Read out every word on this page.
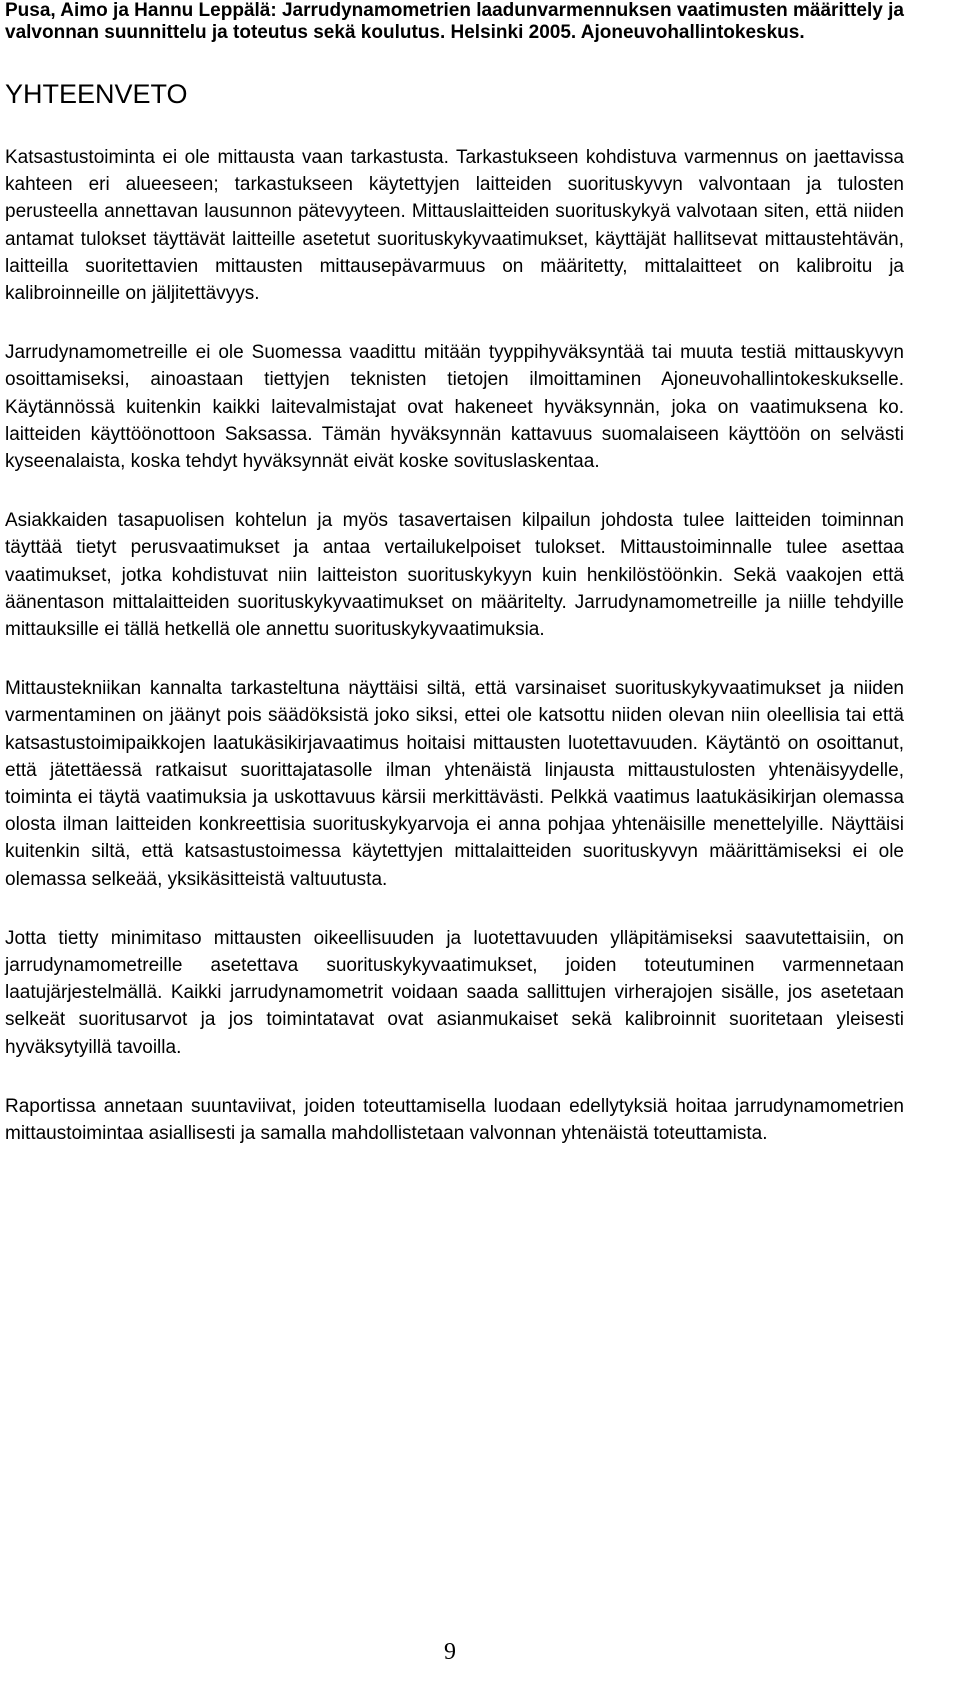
Pusa, Aimo ja Hannu Leppälä: Jarrudynamometrien laadunvarmennuksen vaatimusten määrittely ja valvonnan suunnittelu ja toteutus sekä koulutus. Helsinki 2005. Ajoneuvohallintokeskus.

YHTEENVETO

Katsastustoiminta ei ole mittausta vaan tarkastusta. Tarkastukseen kohdistuva varmennus on jaettavissa kahteen eri alueeseen; tarkastukseen käytettyjen laitteiden suorituskyvyn valvontaan ja tulosten perusteella annettavan lausunnon pätevyyteen. Mittauslaitteiden suorituskykyä valvotaan siten, että niiden antamat tulokset täyttävät laitteille asetetut suorituskykyvaatimukset, käyttäjät hallitsevat mittaustehtävän, laitteilla suoritettavien mittausten mittausepävarmuus on määritetty, mittalaitteet on kalibroitu ja kalibroinneille on jäljitettävyys.

Jarrudynamometreille ei ole Suomessa vaadittu mitään tyyppihyväksyntää tai muuta testiä mittauskyvyn osoittamiseksi, ainoastaan tiettyjen teknisten tietojen ilmoittaminen Ajoneuvohallintokeskukselle. Käytännössä kuitenkin kaikki laitevalmistajat ovat hakeneet hyväksynnän, joka on vaatimuksena ko. laitteiden käyttöönottoon Saksassa. Tämän hyväksynnän kattavuus suomalaiseen käyttöön on selvästi kyseenalaista, koska tehdyt hyväksynnät eivät koske sovituslaskentaa.

Asiakkaiden tasapuolisen kohtelun ja myös tasavertaisen kilpailun johdosta tulee laitteiden toiminnan täyttää tietyt perusvaatimukset ja antaa vertailukelpoiset tulokset. Mittaustoiminnalle tulee asettaa vaatimukset, jotka kohdistuvat niin laitteiston suorituskykyyn kuin henkilöstöönkin. Sekä vaakojen että äänentason mittalaitteiden suorituskykyvaatimukset on määritelty. Jarrudynamometreille ja niille tehdyille mittauksille ei tällä hetkellä ole annettu suorituskykyvaatimuksia.

Mittaustekniikan kannalta tarkasteltuna näyttäisi siltä, että varsinaiset suorituskykyvaatimukset ja niiden varmentaminen on jäänyt pois säädöksistä joko siksi, ettei ole katsottu niiden olevan niin oleellisia tai että katsastustoimipaikkojen laatukäsikirjavaatimus hoitaisi mittausten luotettavuuden. Käytäntö on osoittanut, että jätettäessä ratkaisut suorittajatasolle ilman yhtenäistä linjausta mittaustulosten yhtenäisyydelle, toiminta ei täytä vaatimuksia ja uskottavuus kärsii merkittävästi. Pelkkä vaatimus laatukäsikirjan olemassa olosta ilman laitteiden konkreettisia suorituskykyarvoja ei anna pohjaa yhtenäisille menettelyille. Näyttäisi kuitenkin siltä, että katsastustoimessa käytettyjen mittalaitteiden suorituskyvyn määrittämiseksi ei ole olemassa selkeää, yksikäsitteistä valtuutusta.

Jotta tietty minimitaso mittausten oikeellisuuden ja luotettavuuden ylläpitämiseksi saavutettaisiin, on jarrudynamometreille asetettava suorituskykyvaatimukset, joiden toteutuminen varmennetaan laatujärjestelmällä. Kaikki jarrudynamometrit voidaan saada sallittujen virherajojen sisälle, jos asetetaan selkeät suoritusarvot ja jos toimintatavat ovat asianmukaiset sekä kalibroinnit suoritetaan yleisesti hyväksytyillä tavoilla.

Raportissa annetaan suuntaviivat, joiden toteuttamisella luodaan edellytyksiä hoitaa jarrudynamometrien mittaustoimintaa asiallisesti ja samalla mahdollistetaan valvonnan yhtenäistä toteuttamista.

9
